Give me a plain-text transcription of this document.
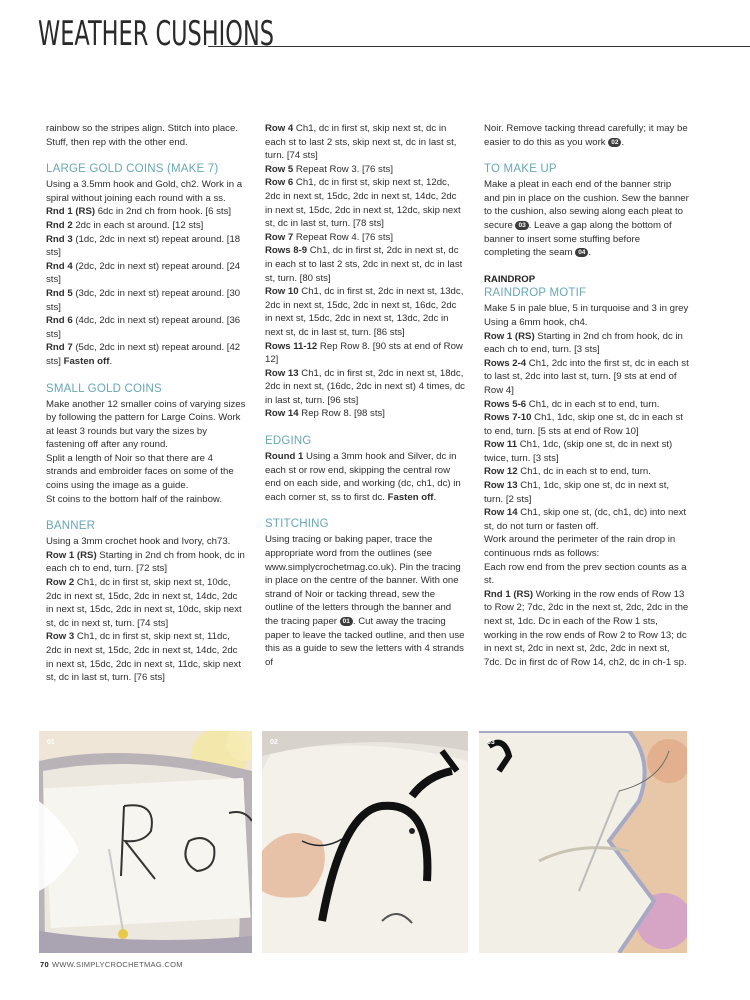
WEATHER CUSHIONS

rainbow so the stripes align. Stitch into place. Stuff, then rep with the other end.

LARGE GOLD COINS (MAKE 7)

Using a 3.5mm hook and Gold, ch2. Work in a spiral without joining each round with a ss.

Rnd 1 (RS) 6dc in 2nd ch from hook. [6 sts]

Rnd 2 2dc in each st around. [12 sts]

Rnd 3 (1dc, 2dc in next st) repeat around. [18 sts]

Rnd 4 (2dc, 2dc in next st) repeat around. [24 sts]

Rnd 5 (3dc, 2dc in next st) repeat around. [30 sts]

Rnd 6 (4dc, 2dc in next st) repeat around. [36 sts]

Rnd 7 (5dc, 2dc in next st) repeat around. [42 sts] Fasten off.

SMALL GOLD COINS

Make another 12 smaller coins of varying sizes by following the pattern for Large Coins. Work at least 3 rounds but vary the sizes by fastening off after any round.

Split a length of Noir so that there are 4 strands and embroider faces on some of the coins using the image as a guide.

St coins to the bottom half of the rainbow.

BANNER

Using a 3mm crochet hook and Ivory, ch73.

Row 1 (RS) Starting in 2nd ch from hook, dc in each ch to end, turn. [72 sts]

Row 2 Ch1, dc in first st, skip next st, 10dc, 2dc in next st, 15dc, 2dc in next st, 14dc, 2dc in next st, 15dc, 2dc in next st, 10dc, skip next st, dc in next st, turn. [74 sts]

Row 3 Ch1, dc in first st, skip next st, 11dc, 2dc in next st, 15dc, 2dc in next st, 14dc, 2dc in next st, 15dc, 2dc in next st, 11dc, skip next st, dc in last st, turn. [76 sts]

Row 4 Ch1, dc in first st, skip next st, dc in each st to last 2 sts, skip next st, dc in last st, turn. [74 sts]

Row 5 Repeat Row 3. [76 sts]

Row 6 Ch1, dc in first st, skip next st, 12dc, 2dc in next st, 15dc, 2dc in next st, 14dc, 2dc in next st, 15dc, 2dc in next st, 12dc, skip next st, dc in last st, turn. [78 sts]

Row 7 Repeat Row 4. [76 sts]

Rows 8-9 Ch1, dc in first st, 2dc in next st, dc in each st to last 2 sts, 2dc in next st, dc in last st, turn. [80 sts]

Row 10 Ch1, dc in first st, 2dc in next st, 13dc, 2dc in next st, 15dc, 2dc in next st, 16dc, 2dc in next st, 15dc, 2dc in next st, 13dc, 2dc in next st, dc in last st, turn. [86 sts]

Rows 11-12 Rep Row 8. [90 sts at end of Row 12]

Row 13 Ch1, dc in first st, 2dc in next st, 18dc, 2dc in next st, (16dc, 2dc in next st) 4 times, dc in last st, turn. [96 sts]

Row 14 Rep Row 8. [98 sts]

EDGING

Round 1 Using a 3mm hook and Silver, dc in each st or row end, skipping the central row end on each side, and working (dc, ch1, dc) in each corner st, ss to first dc. Fasten off.

STITCHING

Using tracing or baking paper, trace the appropriate word from the outlines (see www.simplycrochetmag.co.uk). Pin the tracing in place on the centre of the banner. With one strand of Noir or tacking thread, sew the outline of the letters through the banner and the tracing paper 01 . Cut away the tracing paper to leave the tacked outline, and then use this as a guide to sew the letters with 4 strands of

Noir. Remove tacking thread carefully; it may be easier to do this as you work 02 .

TO MAKE UP

Make a pleat in each end of the banner strip and pin in place on the cushion. Sew the banner to the cushion, also sewing along each pleat to secure 03 . Leave a gap along the bottom of banner to insert some stuffing before completing the seam 04 .

RAINDROP
RAINDROP MOTIF

Make 5 in pale blue, 5 in turquoise and 3 in grey

Using a 6mm hook, ch4.

Row 1 (RS) Starting in 2nd ch from hook, dc in each ch to end, turn. [3 sts]

Rows 2-4 Ch1, 2dc into the first st, dc in each st to last st, 2dc into last st, turn. [9 sts at end of Row 4]

Rows 5-6 Ch1, dc in each st to end, turn.

Rows 7-10 Ch1, 1dc, skip one st, dc in each st to end, turn. [5 sts at end of Row 10]

Row 11 Ch1, 1dc, (skip one st, dc in next st) twice, turn. [3 sts]

Row 12 Ch1, dc in each st to end, turn.

Row 13 Ch1, 1dc, skip one st, dc in next st, turn. [2 sts]

Row 14 Ch1, skip one st, (dc, ch1, dc) into next st, do not turn or fasten off.

Work around the perimeter of the rain drop in continuous rnds as follows:

Each row end from the prev section counts as a st.

Rnd 1 (RS) Working in the row ends of Row 13 to Row 2; 7dc, 2dc in the next st, 2dc, 2dc in the next st, 1dc. Dc in each of the Row 1 sts, working in the row ends of Row 2 to Row 13; dc in next st, 2dc in next st, 2dc, 2dc in next st, 7dc. Dc in first dc of Row 14, ch2, dc in ch-1 sp.

01	02	03
70 WWW.SIMPLYCROCHETMAG.COM
